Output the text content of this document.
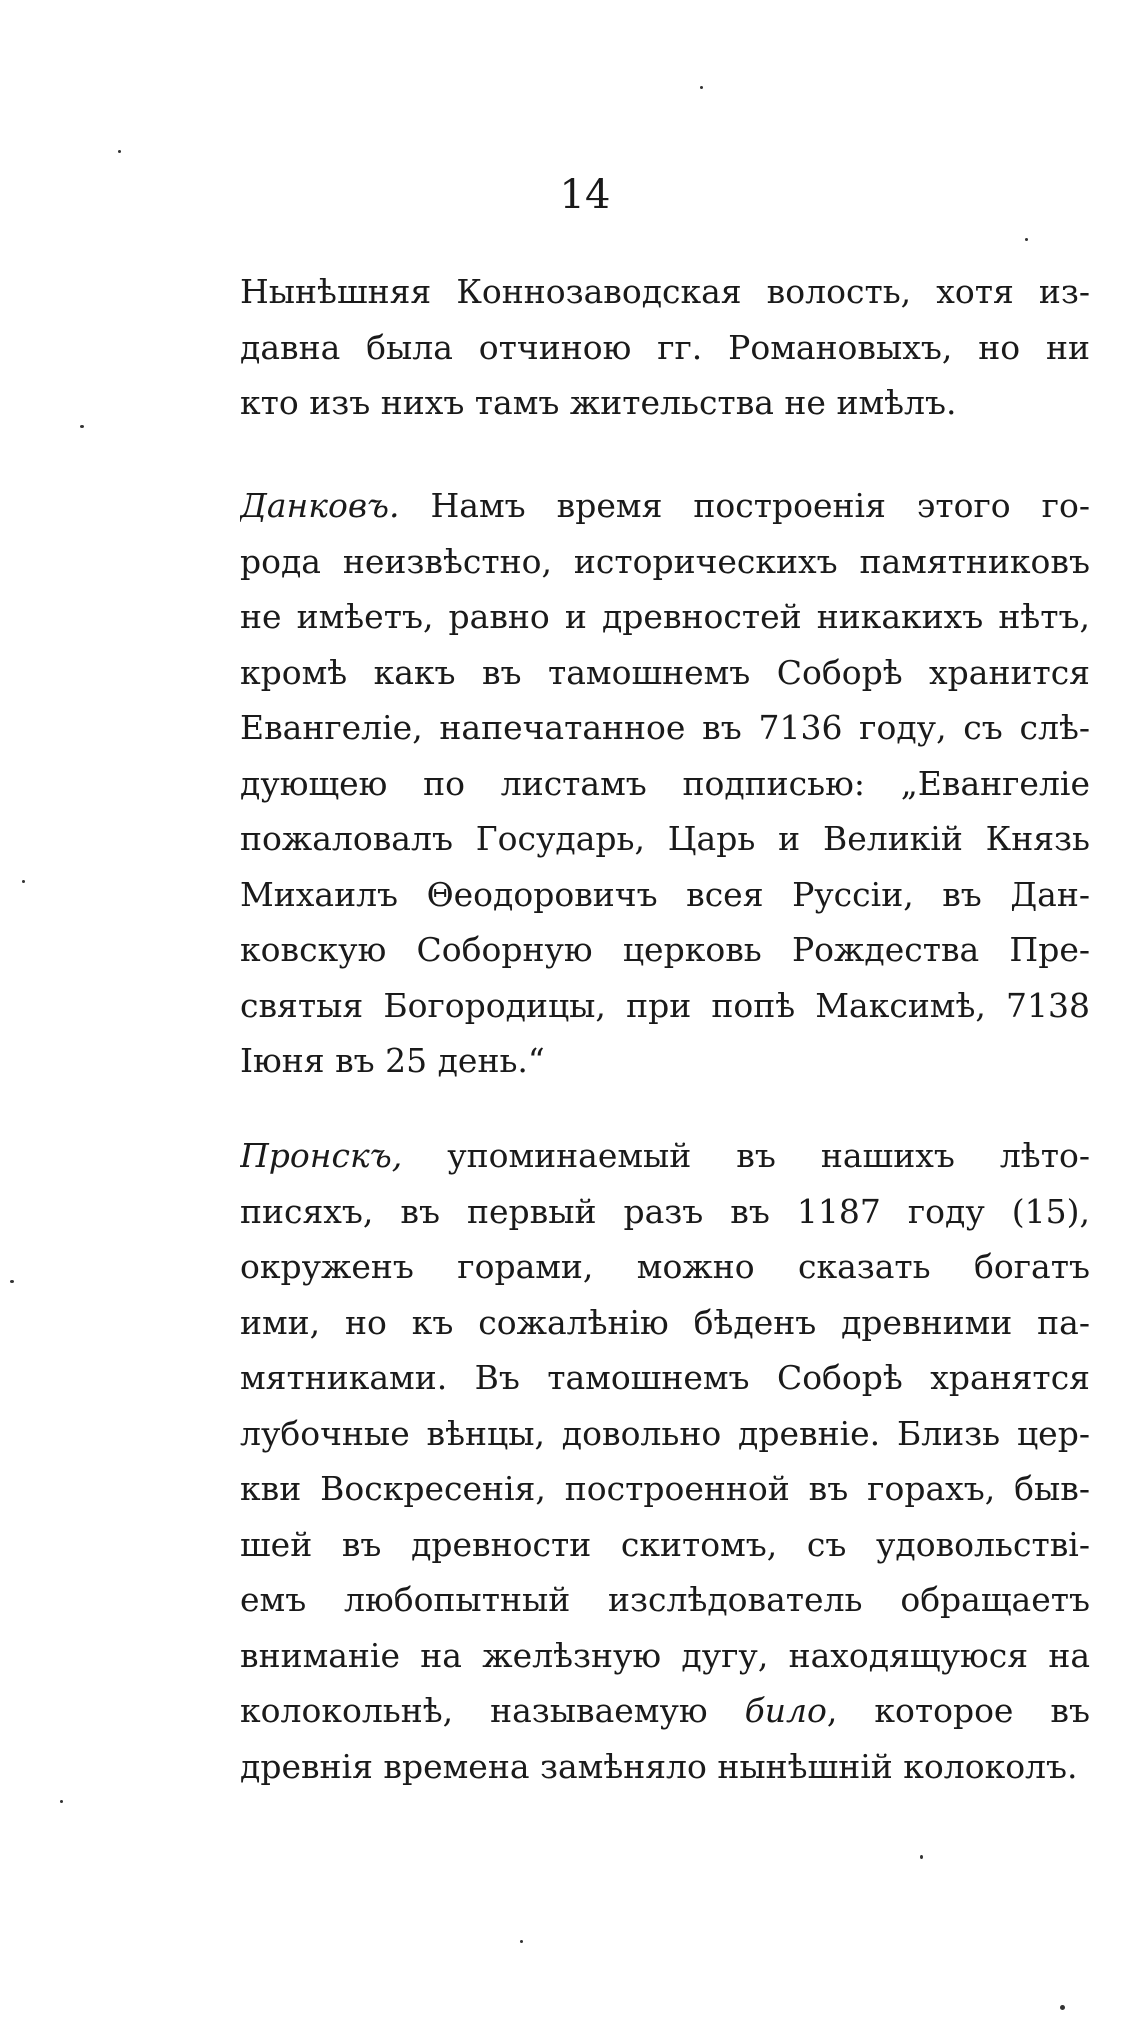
14
Нынѣшняя Коннозаводская волость, хотя из-
давна была отчиною гг. Романовыхъ, но ни
кто изъ нихъ тамъ жительства не имѣлъ.
Данковъ. Намъ время построенія этого го-
рода неизвѣстно, историческихъ памятниковъ
не имѣетъ, равно и древностей никакихъ нѣтъ,
кромѣ какъ въ тамошнемъ Соборѣ хранится
Евангеліе, напечатанное въ 7136 году, съ слѣ-
дующею по листамъ подписью: „Евангеліе
пожаловалъ Государь, Царь и Великій Князь
Михаилъ Θеодоровичъ всея Руссіи, въ Дан-
ковскую Соборную церковь Рождества Пре-
святыя Богородицы, при попѣ Максимѣ, 7138
Іюня въ 25 день.“
Пронскъ, упоминаемый въ нашихъ лѣто-
писяхъ, въ первый разъ въ 1187 году (15),
окруженъ горами, можно сказать богатъ
ими, но къ сожалѣнію бѣденъ древними па-
мятниками. Въ тамошнемъ Соборѣ хранятся
лубочные вѣнцы, довольно древніе. Близь цер-
кви Воскресенія, построенной въ горахъ, быв-
шей въ древности скитомъ, съ удовольстві-
емъ любопытный изслѣдователь обращаетъ
вниманіе на желѣзную дугу, находящуюся на
колокольнѣ, называемую било, которое въ
древнія времена замѣняло нынѣшній колоколъ.
